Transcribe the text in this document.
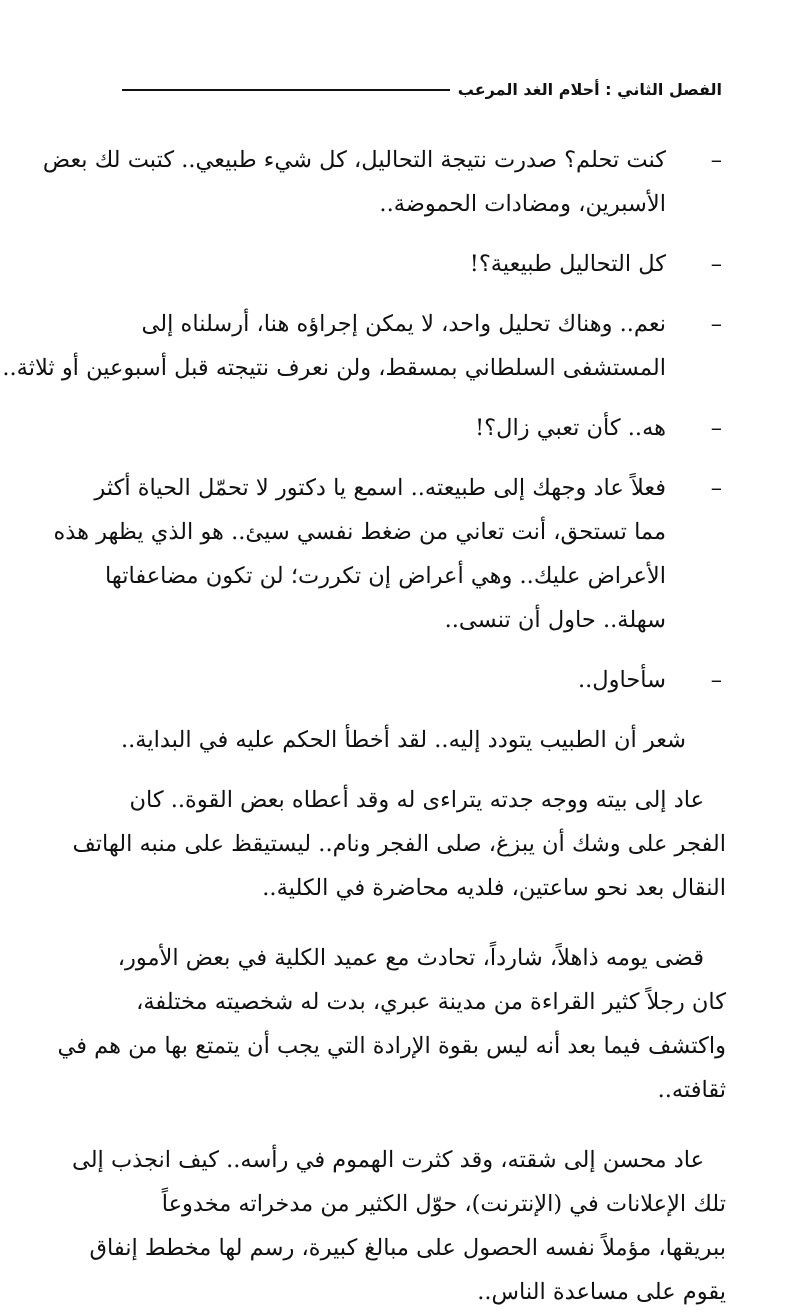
الفصل الثاني : أحلام الغد المرعب
–
كنت تحلم؟ صدرت نتيجة التحاليل، كل شيء طبيعي.. كتبت لك بعض
الأسبرين، ومضادات الحموضة..
–
كل التحاليل طبيعية؟!
–
نعم.. وهناك تحليل واحد، لا يمكن إجراؤه هنا، أرسلناه إلى
المستشفى السلطاني بمسقط، ولن نعرف نتيجته قبل أسبوعين أو ثلاثة..
–
هه.. كأن تعبي زال؟!
–
فعلاً عاد وجهك إلى طبيعته.. اسمع يا دكتور لا تحمّل الحياة أكثر
مما تستحق، أنت تعاني من ضغط نفسي سيئ.. هو الذي يظهر هذه
الأعراض عليك.. وهي أعراض إن تكررت؛ لن تكون مضاعفاتها
سهلة.. حاول أن تنسى..
–
سأحاول..
شعر أن الطبيب يتودد إليه.. لقد أخطأ الحكم عليه في البداية..
عاد إلى بيته ووجه جدته يتراءى له وقد أعطاه بعض القوة.. كان
الفجر على وشك أن يبزغ، صلى الفجر ونام.. ليستيقظ على منبه الهاتف
النقال بعد نحو ساعتين، فلديه محاضرة في الكلية..
قضى يومه ذاهلاً، شارداً، تحادث مع عميد الكلية في بعض الأمور،
كان رجلاً كثير القراءة من مدينة عبري، بدت له شخصيته مختلفة،
واكتشف فيما بعد أنه ليس بقوة الإرادة التي يجب أن يتمتع بها من هم في
ثقافته..
عاد محسن إلى شقته، وقد كثرت الهموم في رأسه.. كيف انجذب إلى
تلك الإعلانات في (الإنترنت)، حوّل الكثير من مدخراته مخدوعاً
ببريقها، مؤملاً نفسه الحصول على مبالغ كبيرة، رسم لها مخطط إنفاق
يقوم على مساعدة الناس..
